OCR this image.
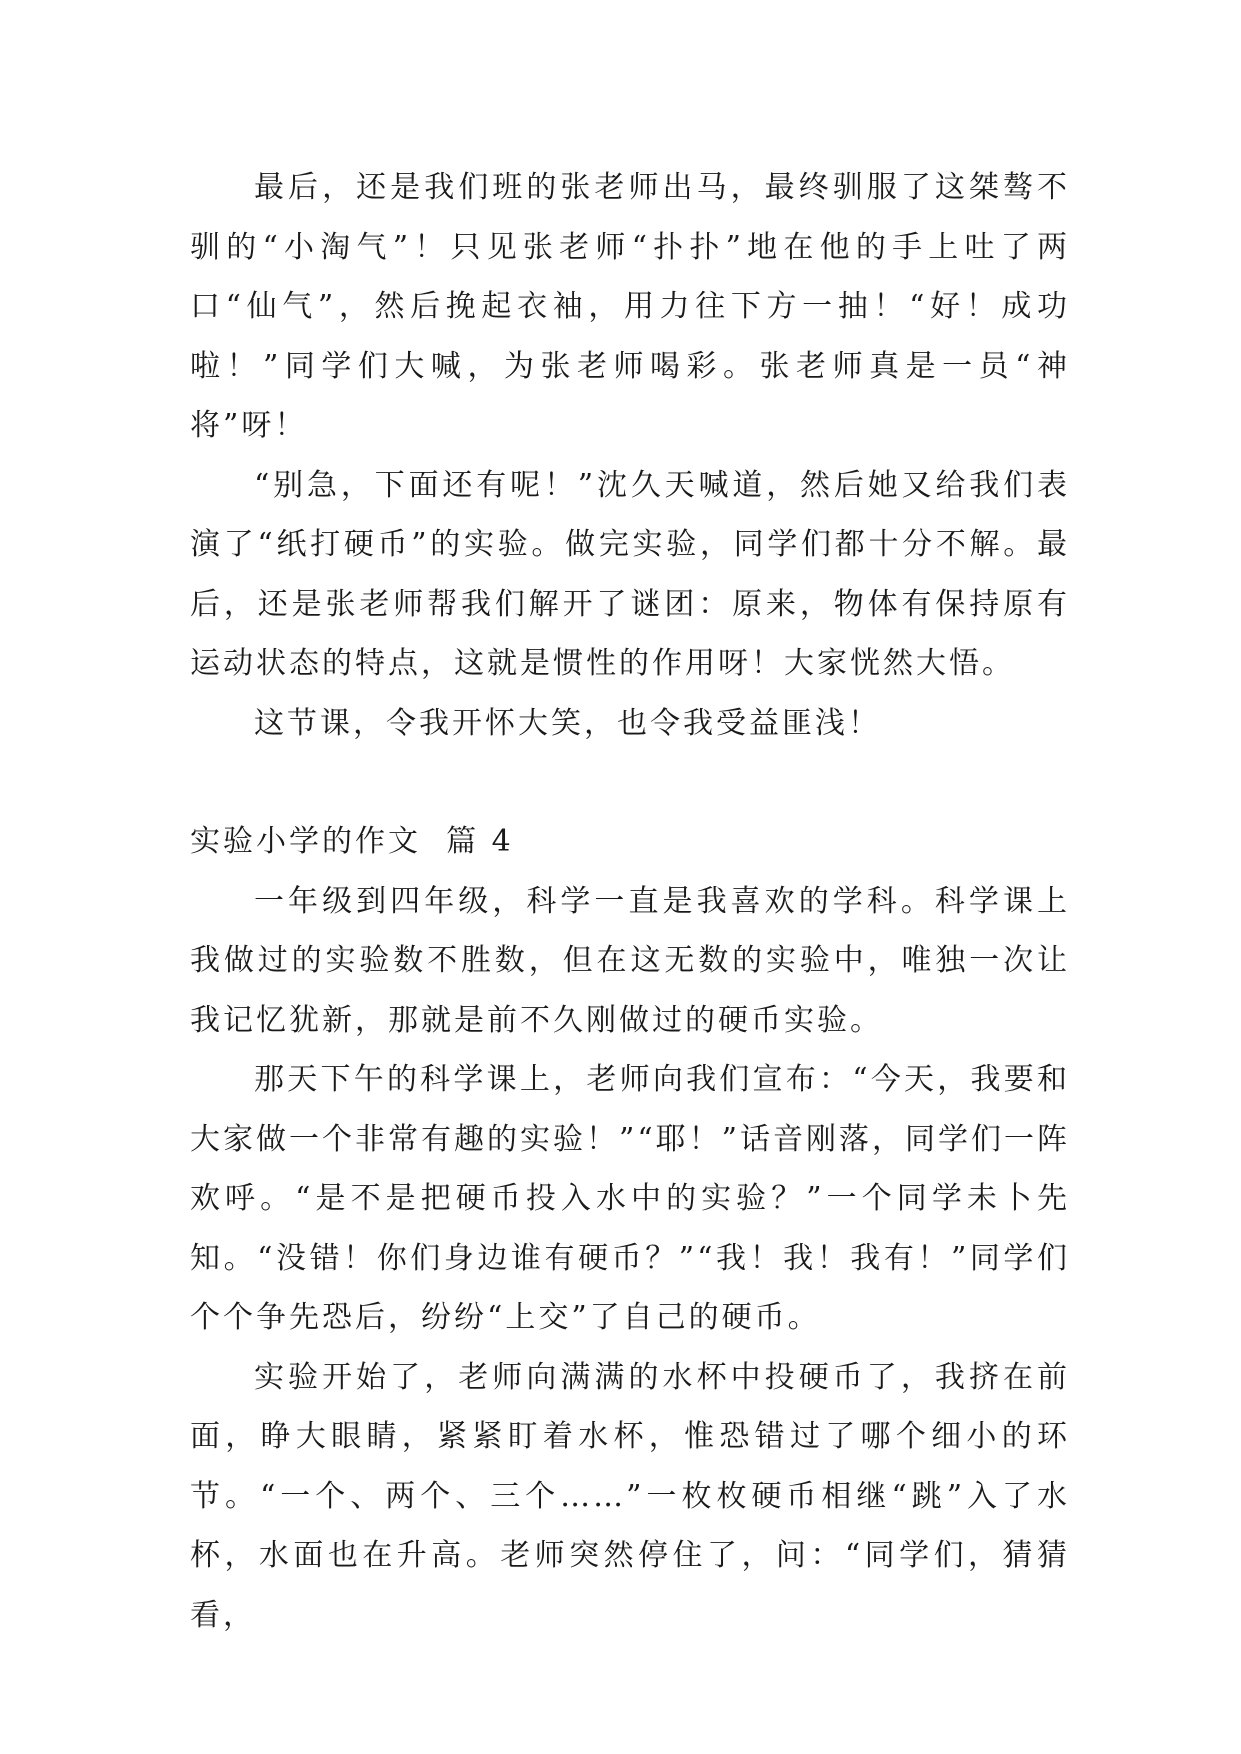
最后，还是我们班的张老师出马，最终驯服了这桀骜不驯的“小淘气”！只见张老师“扑扑”地在他的手上吐了两口“仙气”，然后挽起衣袖，用力往下方一抽！“好！成功啦！”同学们大喊，为张老师喝彩。张老师真是一员“神将”呀！

“别急，下面还有呢！”沈久天喊道，然后她又给我们表演了“纸打硬币”的实验。做完实验，同学们都十分不解。最后，还是张老师帮我们解开了谜团：原来，物体有保持原有运动状态的特点，这就是惯性的作用呀！大家恍然大悟。

这节课，令我开怀大笑，也令我受益匪浅！

实验小学的作文  篇 4

一年级到四年级，科学一直是我喜欢的学科。科学课上我做过的实验数不胜数，但在这无数的实验中，唯独一次让我记忆犹新，那就是前不久刚做过的硬币实验。

那天下午的科学课上，老师向我们宣布：“今天，我要和大家做一个非常有趣的实验！”“耶！”话音刚落，同学们一阵欢呼。“是不是把硬币投入水中的实验？”一个同学未卜先知。“没错！你们身边谁有硬币？”“我！我！我有！”同学们个个争先恐后，纷纷“上交”了自己的硬币。

实验开始了，老师向满满的水杯中投硬币了，我挤在前面，睁大眼睛，紧紧盯着水杯，惟恐错过了哪个细小的环节。“一个、两个、三个……”一枚枚硬币相继“跳”入了水杯，水面也在升高。老师突然停住了，问：“同学们，猜猜看，
